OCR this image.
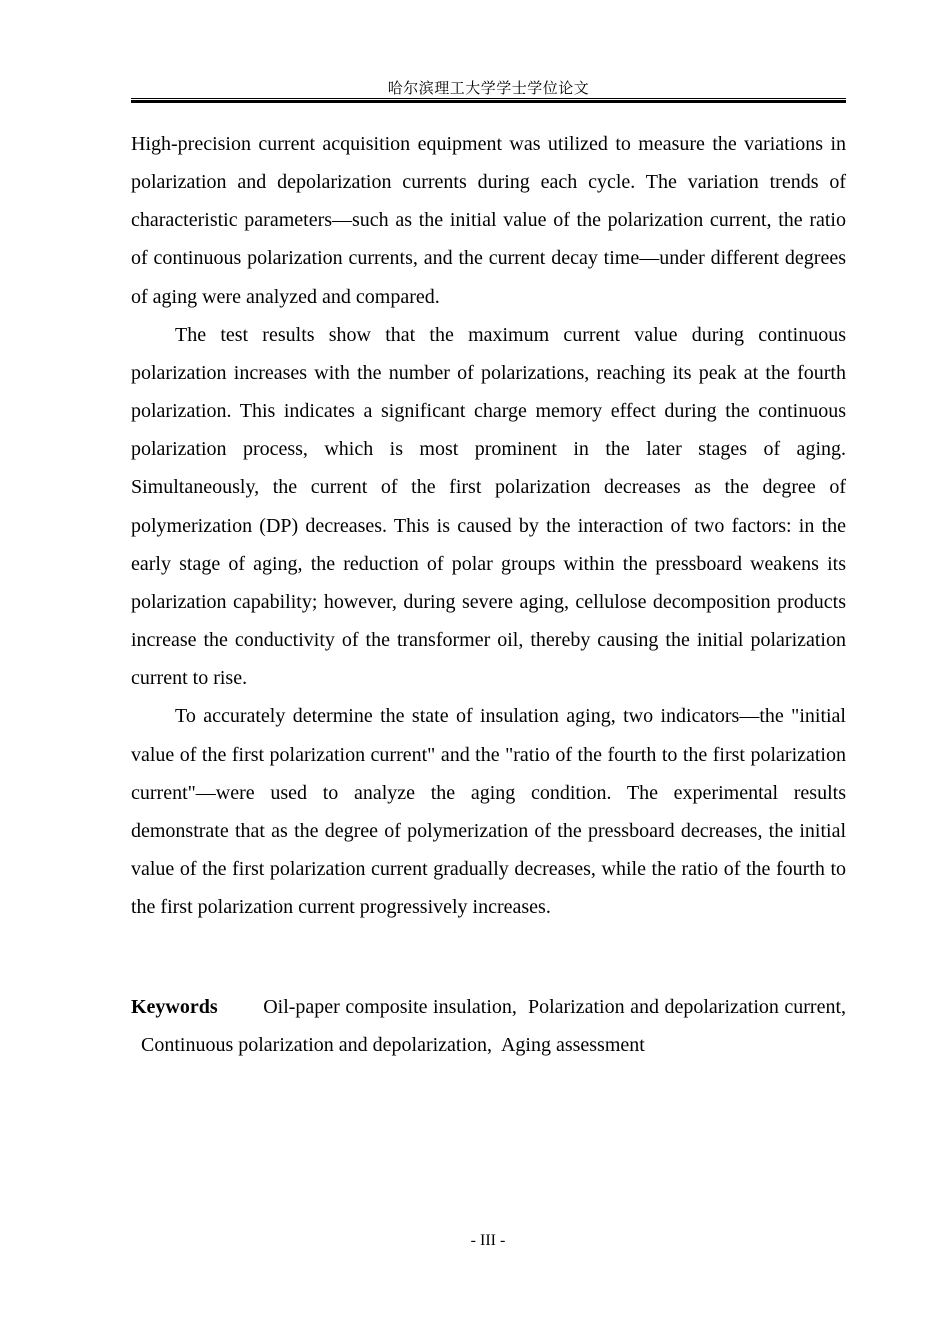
哈尔滨理工大学学士学位论文

High-precision current acquisition equipment was utilized to measure the variations in polarization and depolarization currents during each cycle. The variation trends of characteristic parameters—such as the initial value of the polarization current, the ratio of continuous polarization currents, and the current decay time—under different degrees of aging were analyzed and compared.

The test results show that the maximum current value during continuous polarization increases with the number of polarizations, reaching its peak at the fourth polarization. This indicates a significant charge memory effect during the continuous polarization process, which is most prominent in the later stages of aging. Simultaneously, the current of the first polarization decreases as the degree of polymerization (DP) decreases. This is caused by the interaction of two factors: in the early stage of aging, the reduction of polar groups within the pressboard weakens its polarization capability; however, during severe aging, cellulose decomposition products increase the conductivity of the transformer oil, thereby causing the initial polarization current to rise.

To accurately determine the state of insulation aging, two indicators—the "initial value of the first polarization current" and the "ratio of the fourth to the first polarization current"—were used to analyze the aging condition. The experimental results demonstrate that as the degree of polymerization of the pressboard decreases, the initial value of the first polarization current gradually decreases, while the ratio of the fourth to the first polarization current progressively increases.

Keywords Oil-paper composite insulation, Polarization and depolarization current,  Continuous polarization and depolarization, Aging assessment
- III -
